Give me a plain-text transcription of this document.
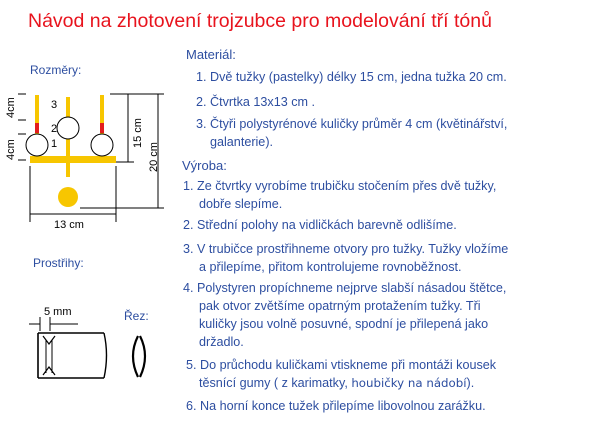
Návod na zhotovení trojzubce pro modelování tří tónů
Materiál:
1. Dvě tužky (pastelky) délky 15 cm, jedna tužka 20 cm.
2. Čtvrtka 13x13 cm .
3. Čtyři polystyrénové kuličky průměr 4 cm (květinářství,
galanterie).
Výroba:
1. Ze čtvrtky vyrobíme trubičku stočením přes dvě tužky,
dobře slepíme.
2. Střední polohy na vidličkách barevně odlišíme.
3. V trubičce prostřihneme otvory pro tužky. Tužky vložíme
a přilepíme, přitom kontrolujeme rovnoběžnost.
4. Polystyren propíchneme nejprve slabší násadou štětce,
pak otvor zvětšíme opatrným protažením tužky. Tři
kuličky jsou volně posuvné, spodní je přilepená jako
držadlo.
5. Do průchodu kuličkami vtiskneme při montáži kousek
těsnící gumy ( z karimatky, houbičky na nádobí).
6. Na horní konce tužek přilepíme libovolnou zarážku.
Rozměry:
4cm
4cm
3
2
1	15 cm
20 cm
13 cm
Prostřihy:
5 mm	Řez:
